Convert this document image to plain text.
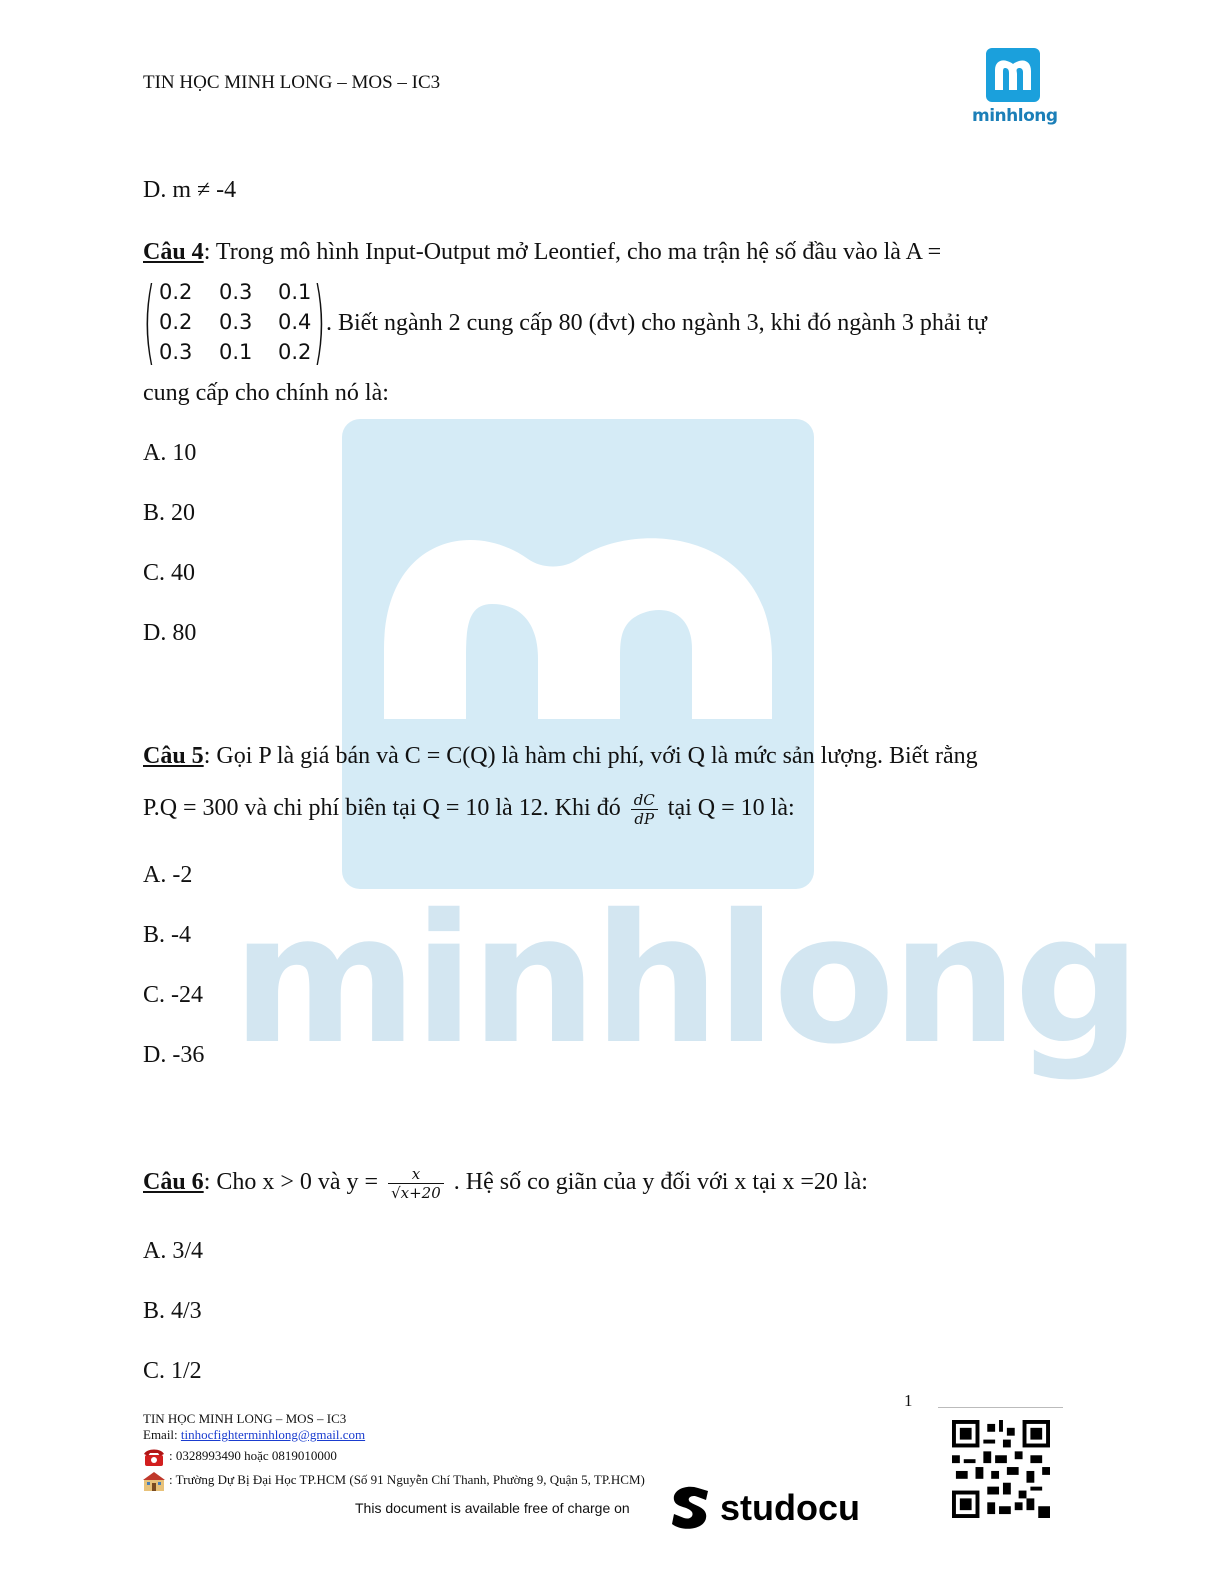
minhlong
TIN HỌC MINH LONG – MOS – IC3
minhlong
D. m ≠ -4
Câu 4: Trong mô hình Input-Output mở Leontief, cho ma trận hệ số đầu vào là A =
( )
0.2 0.3 0.1
0.2 0.3 0.4
0.3 0.1 0.2
. Biết ngành 2 cung cấp 80 (đvt) cho ngành 3, khi đó ngành 3 phải tự
cung cấp cho chính nó là:
A. 10
B. 20
C. 40
D. 80
Câu 5: Gọi P là giá bán và C = C(Q) là hàm chi phí, với Q là mức sản lượng. Biết rằng
P.Q = 300 và chi phí biên tại Q = 10 là 12. Khi đó $\frac{dC}{dP}$ tại Q = 10 là:
A. -2
B. -4
C. -24
D. -36
Câu 6: Cho x > 0 và $y = \frac{x}{√x+20}$ . Hệ số co giãn của y đối với x tại x =20 là:
A. 3/4
B. 4/3
C. 1/2
1
TIN HỌC MINH LONG – MOS – IC3
Email: tinhocfighterminhlong@gmail.com
: 0328993490 hoặc 0819010000
: Trường Dự Bị Đại Học TP.HCM (Số 91 Nguyễn Chí Thanh, Phường 9, Quận 5, TP.HCM)
This document is available free of charge on	studocu
